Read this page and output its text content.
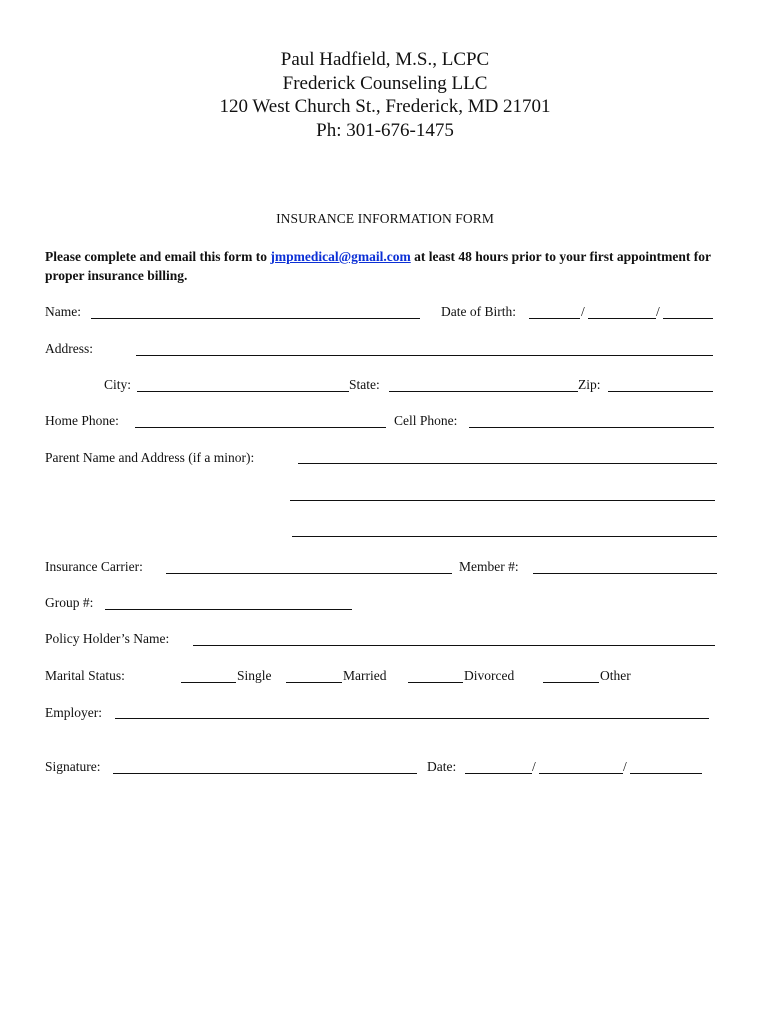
Paul Hadfield, M.S., LCPC
Frederick Counseling LLC
120 West Church St., Frederick, MD 21701
Ph: 301-676-1475
INSURANCE INFORMATION FORM
Please complete and email this form to jmpmedical@gmail.com at least 48 hours prior to your first appointment for proper insurance billing.
Name:	Date of Birth:	/	/
Address:
City:	State:	Zip:
Home Phone:	Cell Phone:
Parent Name and Address (if a minor):
Insurance Carrier:	Member #:
Group #:
Policy Holder’s Name:
Marital Status:	Single	Married	Divorced	Other
Employer:
Signature:	Date:	/	/
